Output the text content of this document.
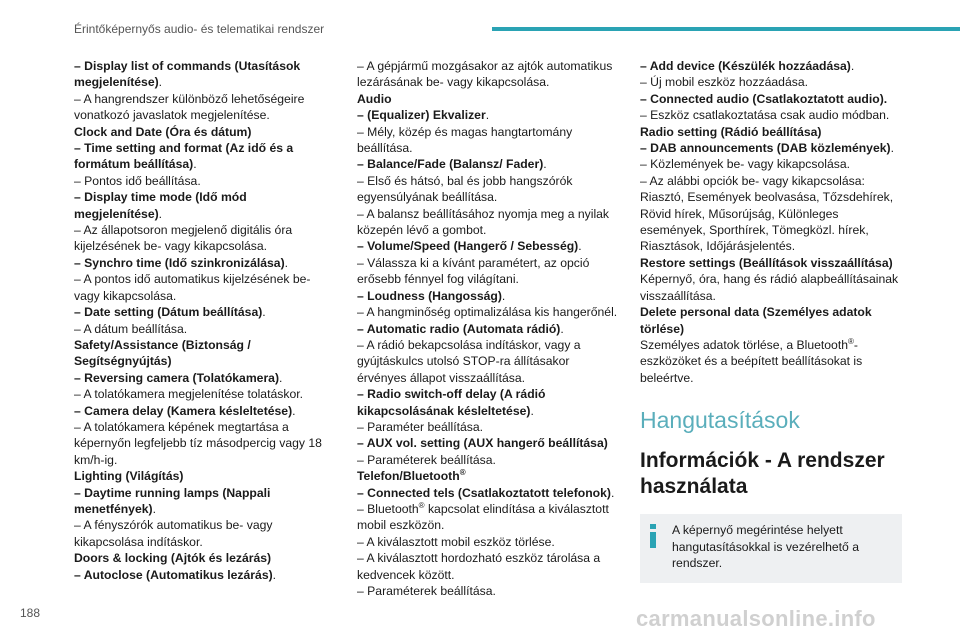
Érintőképernyős audio- és telematikai rendszer

– Display list of commands (Utasítások megjelenítése).

– A hangrendszer különböző lehetőségeire vonatkozó javaslatok megjelenítése.

Clock and Date (Óra és dátum)

– Time setting and format (Az idő és a formátum beállítása).

– Pontos idő beállítása.

– Display time mode (Idő mód megjelenítése).

– Az állapotsoron megjelenő digitális óra kijelzésének be- vagy kikapcsolása.

– Synchro time (Idő szinkronizálása).

– A pontos idő automatikus kijelzésének be- vagy kikapcsolása.

– Date setting (Dátum beállítása).

– A dátum beállítása.

Safety/Assistance (Biztonság / Segítségnyújtás)

– Reversing camera (Tolatókamera).

– A tolatókamera megjelenítése tolatáskor.

– Camera delay (Kamera késleltetése).

– A tolatókamera képének megtartása a képernyőn legfeljebb tíz másodpercig vagy 18 km/h-ig.

Lighting (Világítás)

– Daytime running lamps (Nappali menetfények).

– A fényszórók automatikus be- vagy kikapcsolása indításkor.

Doors & locking (Ajtók és lezárás)

– Autoclose (Automatikus lezárás).

– A gépjármű mozgásakor az ajtók automatikus lezárásának be- vagy kikapcsolása.

Audio

– (Equalizer) Ekvalizer.

– Mély, közép és magas hangtartomány beállítása.

– Balance/Fade (Balansz/ Fader).

– Első és hátsó, bal és jobb hangszórók egyensúlyának beállítása.

– A balansz beállításához nyomja meg a nyilak közepén lévő a gombot.

– Volume/Speed (Hangerő / Sebesség).

– Válassza ki a kívánt paramétert, az opció erősebb fénnyel fog világítani.

– Loudness (Hangosság).

– A hangminőség optimalizálása kis hangerőnél.

– Automatic radio (Automata rádió).

– A rádió bekapcsolása indításkor, vagy a gyújtáskulcs utolsó STOP-ra állításakor érvényes állapot visszaállítása.

– Radio switch-off delay (A rádió kikapcsolásának késleltetése).

– Paraméter beállítása.

– AUX vol. setting (AUX hangerő beállítása)

– Paraméterek beállítása.

Telefon/Bluetooth®

– Connected tels (Csatlakoztatott telefonok).

– Bluetooth® kapcsolat elindítása a kiválasztott mobil eszközön.

– A kiválasztott mobil eszköz törlése.

– A kiválasztott hordozható eszköz tárolása a kedvencek között.

– Paraméterek beállítása.

– Add device (Készülék hozzáadása).

– Új mobil eszköz hozzáadása.

– Connected audio (Csatlakoztatott audio).

– Eszköz csatlakoztatása csak audio módban.

Radio setting (Rádió beállítása)

– DAB announcements (DAB közlemények).

– Közlemények be- vagy kikapcsolása.

– Az alábbi opciók be- vagy kikapcsolása: Riasztó, Események beolvasása, Tőzsdehírek, Rövid hírek, Műsorújság, Különleges események, Sporthírek, Tömegközl. hírek, Riasztások, Időjárásjelentés.

Restore settings (Beállítások visszaállítása)

Képernyő, óra, hang és rádió alapbeállításainak visszaállítása.

Delete personal data (Személyes adatok törlése)

Személyes adatok törlése, a Bluetooth®-eszközöket és a beépített beállításokat is beleértve.

Hangutasítások
Információk - A rendszer használata
A képernyő megérintése helyett
hangutasításokkal is vezérelhető a rendszer.
188	carmanualsonline.info
